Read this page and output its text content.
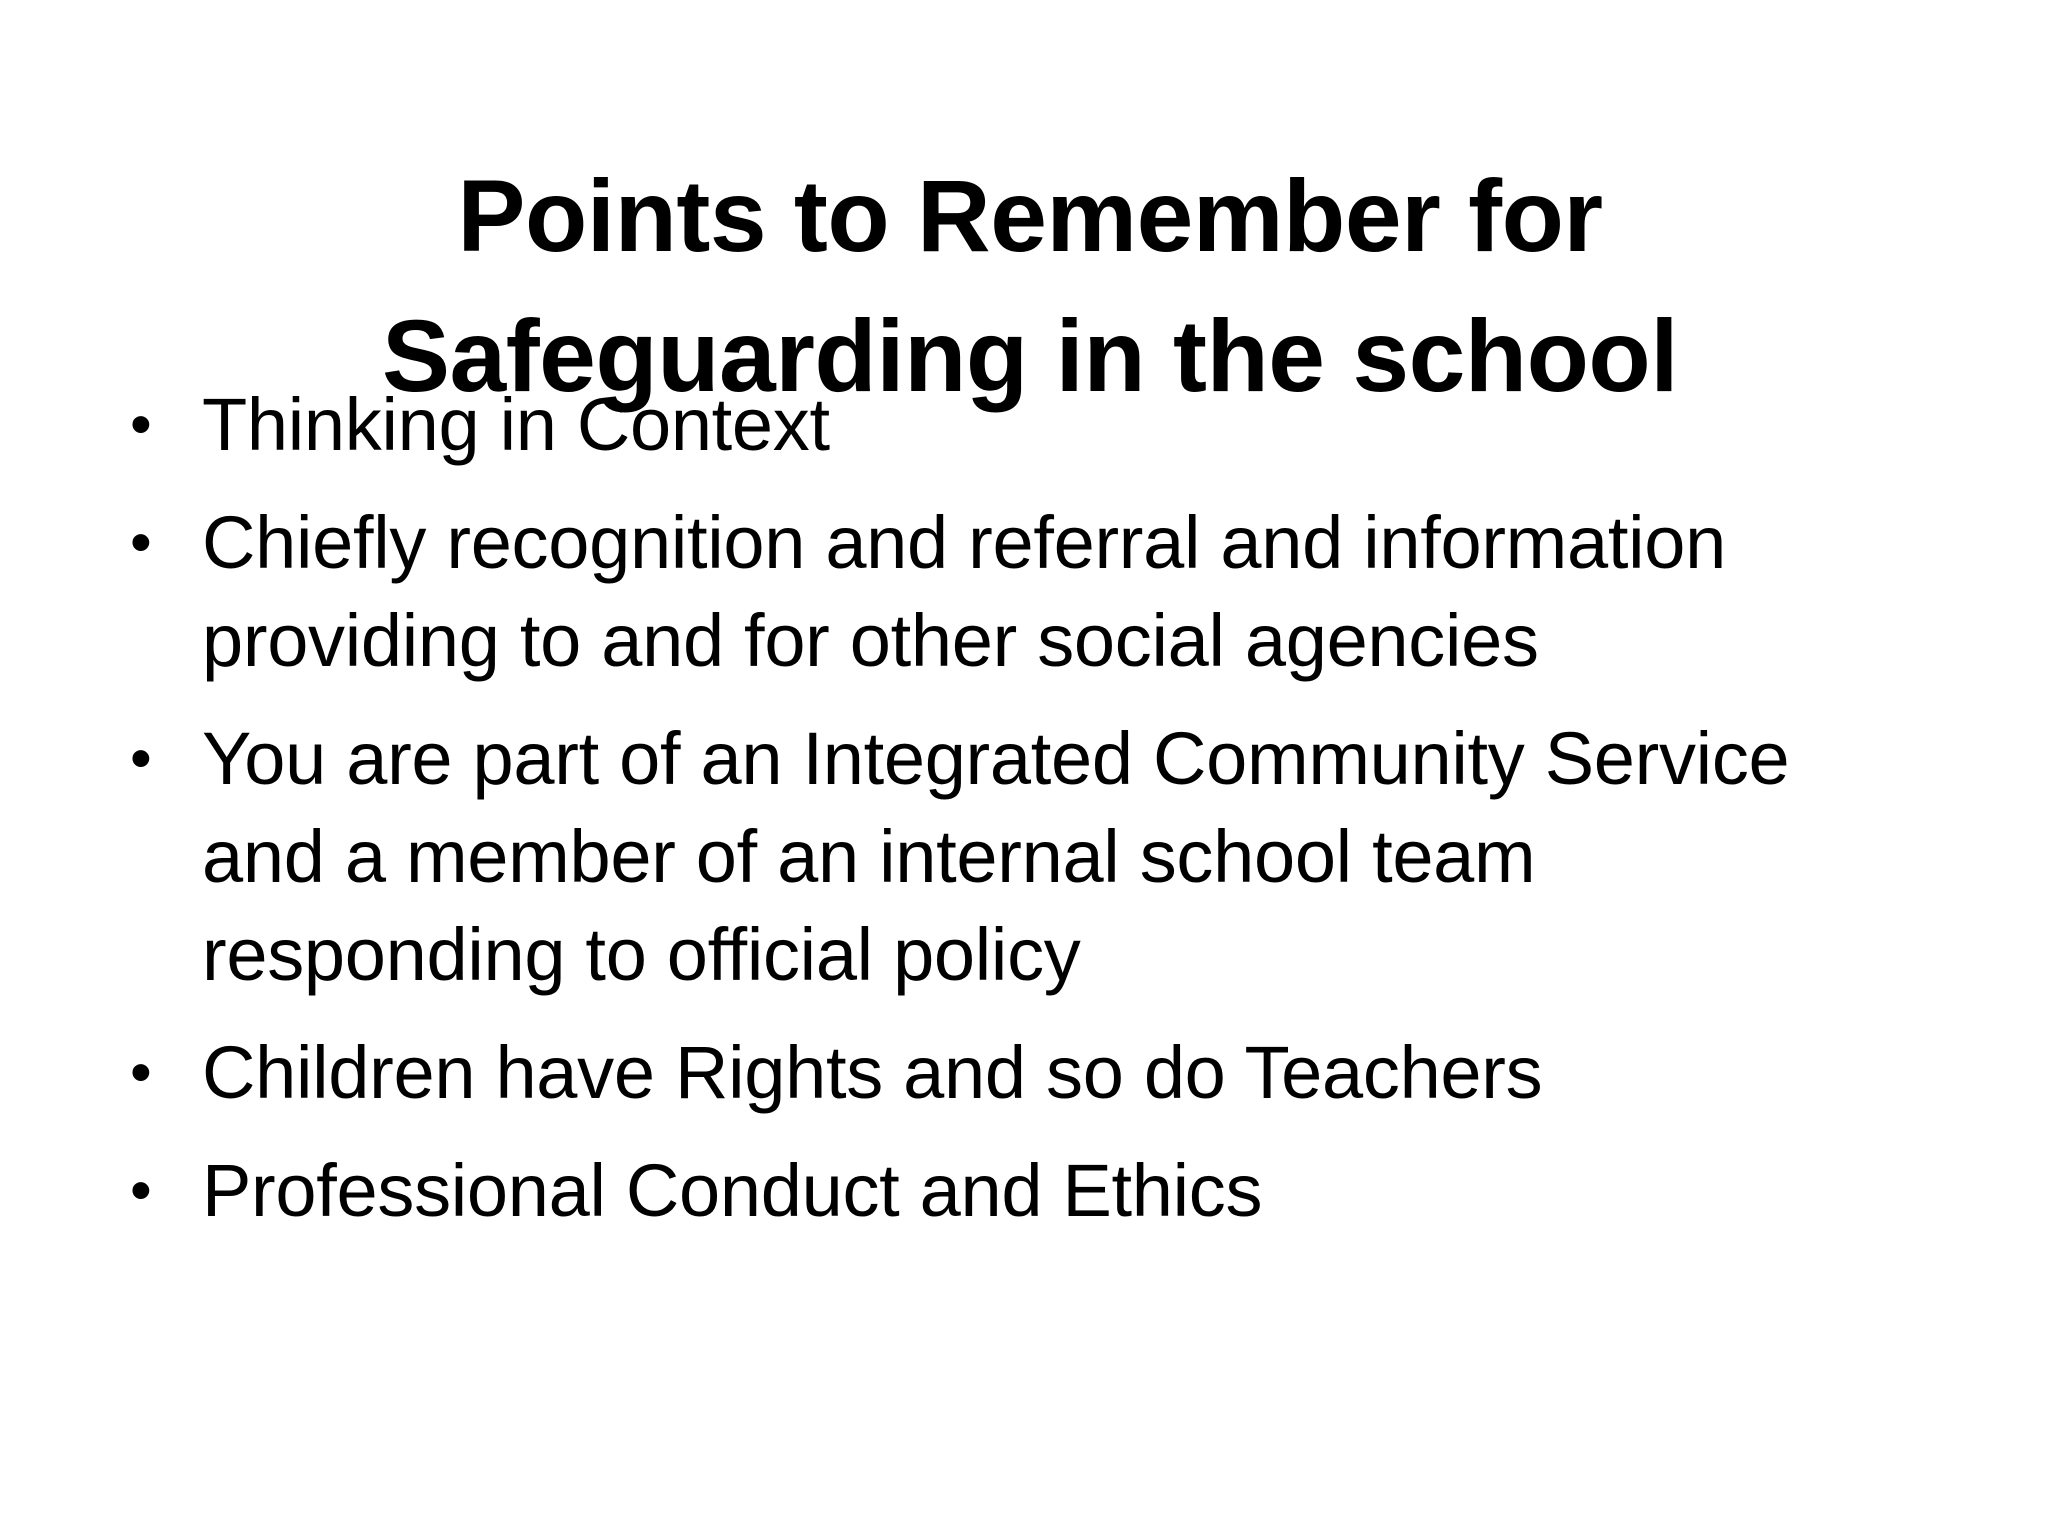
Points to Remember for
Safeguarding in the school
• Thinking in Context
• Chiefly recognition and referral and information
providing to and for other social agencies
• You are part of an Integrated Community Service
and a member of an internal school team
responding to official policy
• Children have Rights and so do Teachers
• Professional Conduct and Ethics
